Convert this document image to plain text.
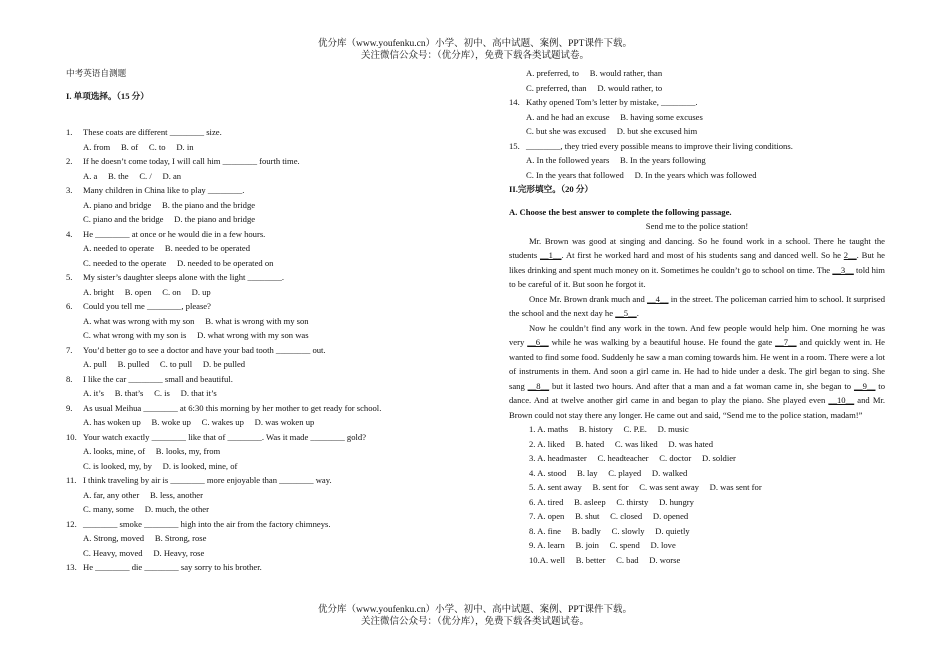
优分库（www.youfenku.cn）小学、初中、高中试题、案例、PPT课件下载。
关注微信公众号：（优分库），免费下载各类试题试卷。
中考英语自测题
I. 单项选择。（15 分）
1.	These coats are different ________ size.
A. from     B. of     C. to     D. in
2.	If he doesn’t come today, I will call him ________ fourth time.
A. a     B. the     C. /     D. an
3.	Many children in China like to play ________.
A. piano and bridge     B. the piano and the bridge
C. piano and the bridge     D. the piano and bridge
4.	He ________ at once or he would die in a few hours.
A. needed to operate     B. needed to be operated
C. needed to the operate     D. needed to be operated on
5.	My sister’s daughter sleeps alone with the light ________.
A. bright     B. open     C. on     D. up
6.	Could you tell me ________, please?
A. what was wrong with my son     B. what is wrong with my son
C. what wrong with my son is     D. what wrong with my son was
7.	You’d better go to see a doctor and have your bad tooth ________ out.
A. pull     B. pulled     C. to pull     D. be pulled
8.	I like the car ________ small and beautiful.
A. it’s     B. that’s     C. is     D. that it’s
9.	As usual Meihua ________ at 6:30 this morning by her mother to get ready for school.
A. has woken up     B. woke up     C. wakes up     D. was woken up
10. Your watch exactly ________ like that of ________. Was it made ________ gold?
A. looks, mine, of     B. looks, my, from
C. is looked, my, by     D. is looked, mine, of
11. I think traveling by air is ________ more enjoyable than ________ way.
A. far, any other     B. less, another
C. many, some     D. much, the other
12. ________ smoke ________ high into the air from the factory chimneys.
A. Strong, moved     B. Strong, rose
C. Heavy, moved     D. Heavy, rose
13. He ________ die ________ say sorry to his brother.
A. preferred, to     B. would rather, than
C. preferred, than     D. would rather, to
14. Kathy opened Tom’s letter by mistake, ________.
A. and he had an excuse     B. having some excuses
C. but she was excused     D. but she excused him
15. ________, they tried every possible means to improve their living conditions.
A. In the followed years     B. In the years following
C. In the years that followed     D. In the years which was followed
II.完形填空。（20 分）
A. Choose the best answer to complete the following passage.
Send me to the police station!
Mr. Brown was good at singing and dancing. So he found work in a school. There he taught the students __1__. At first he worked hard and most of his students sang and danced well. So he 2__. But he likes drinking and spent much money on it. Sometimes he couldn’t go to school on time. The __3__ told him to be careful of it. But soon he forgot it.
Once Mr. Brown drank much and __4__ in the street. The policeman carried him to school. It surprised the school and the next day he __5__.
Now he couldn’t find any work in the town. And few people would help him. One morning he was very __6__ while he was walking by a beautiful house. He found the gate __7__ and quickly went in. He wanted to find some food. Suddenly he saw a man coming towards him. He went in a room. There were a lot of instruments in them. And soon a girl came in. He had to hide under a desk. The girl began to sing. She sang __8__ but it lasted two hours. And after that a man and a fat woman came in, she began to __9__ to dance. And at twelve another girl came in and began to play the piano. She played even __10__ and Mr. Brown could not stay there any longer. He came out and said, “Send me to the police station, madam!”
1. A. maths     B. history     C. P.E.     D. music
2. A. liked     B. hated     C. was liked     D. was hated
3. A. headmaster     C. headteacher     C. doctor     D. soldier
4. A. stood     B. lay     C. played     D. walked
5. A. sent away     B. sent for     C. was sent away     D. was sent for
6. A. tired     B. asleep     C. thirsty     D. hungry
7. A. open     B. shut     C. closed     D. opened
8. A. fine     B. badly     C. slowly     D. quietly
9. A. learn     B. join     C. spend     D. love
10.A. well     B. better     C. bad     D. worse
优分库（www.youfenku.cn）小学、初中、高中试题、案例、PPT课件下载。
关注微信公众号：（优分库），免费下载各类试题试卷。
